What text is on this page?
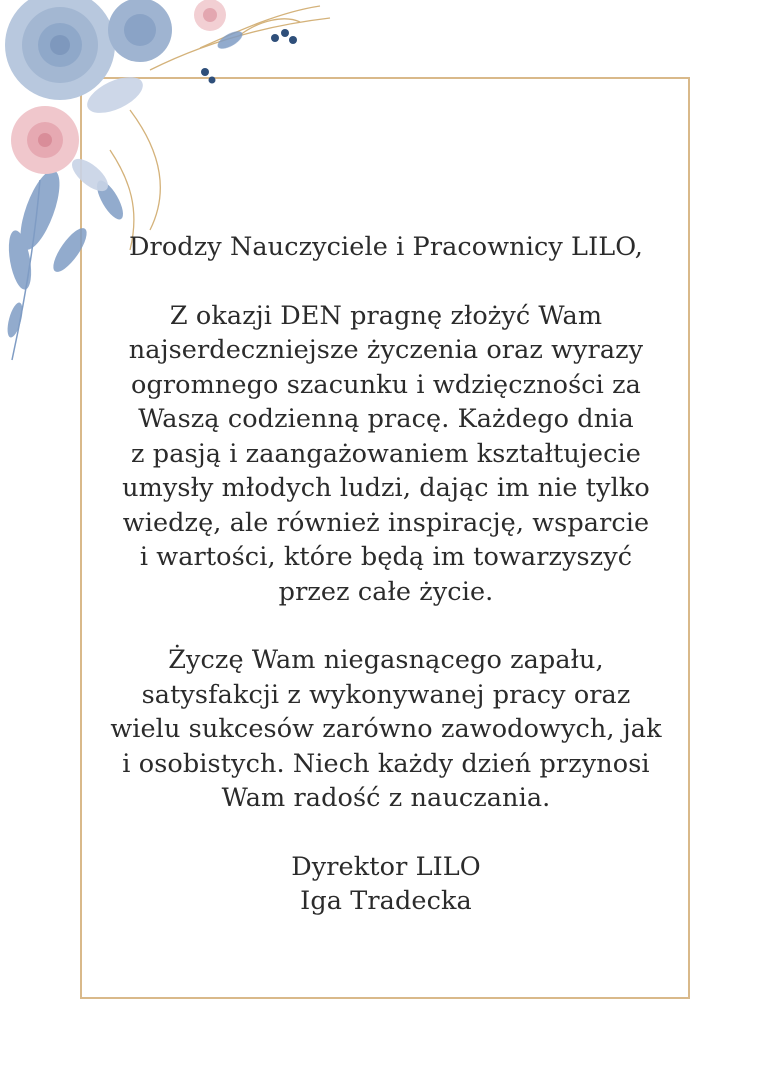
Drodzy Nauczyciele i Pracownicy LILO,

Z okazji DEN pragnę złożyć Wam
najserdeczniejsze życzenia oraz wyrazy
ogromnego szacunku i wdzięczności za
Waszą codzienną pracę. Każdego dnia
z pasją i zaangażowaniem kształtujecie
umysły młodych ludzi, dając im nie tylko
wiedzę, ale również inspirację, wsparcie
i wartości, które będą im towarzyszyć
przez całe życie.

Życzę Wam niegasnącego zapału,
satysfakcji z wykonywanej pracy oraz
wielu sukcesów zarówno zawodowych, jak
i osobistych. Niech każdy dzień przynosi
Wam radość z nauczania.

Dyrektor LILO
Iga Tradecka
